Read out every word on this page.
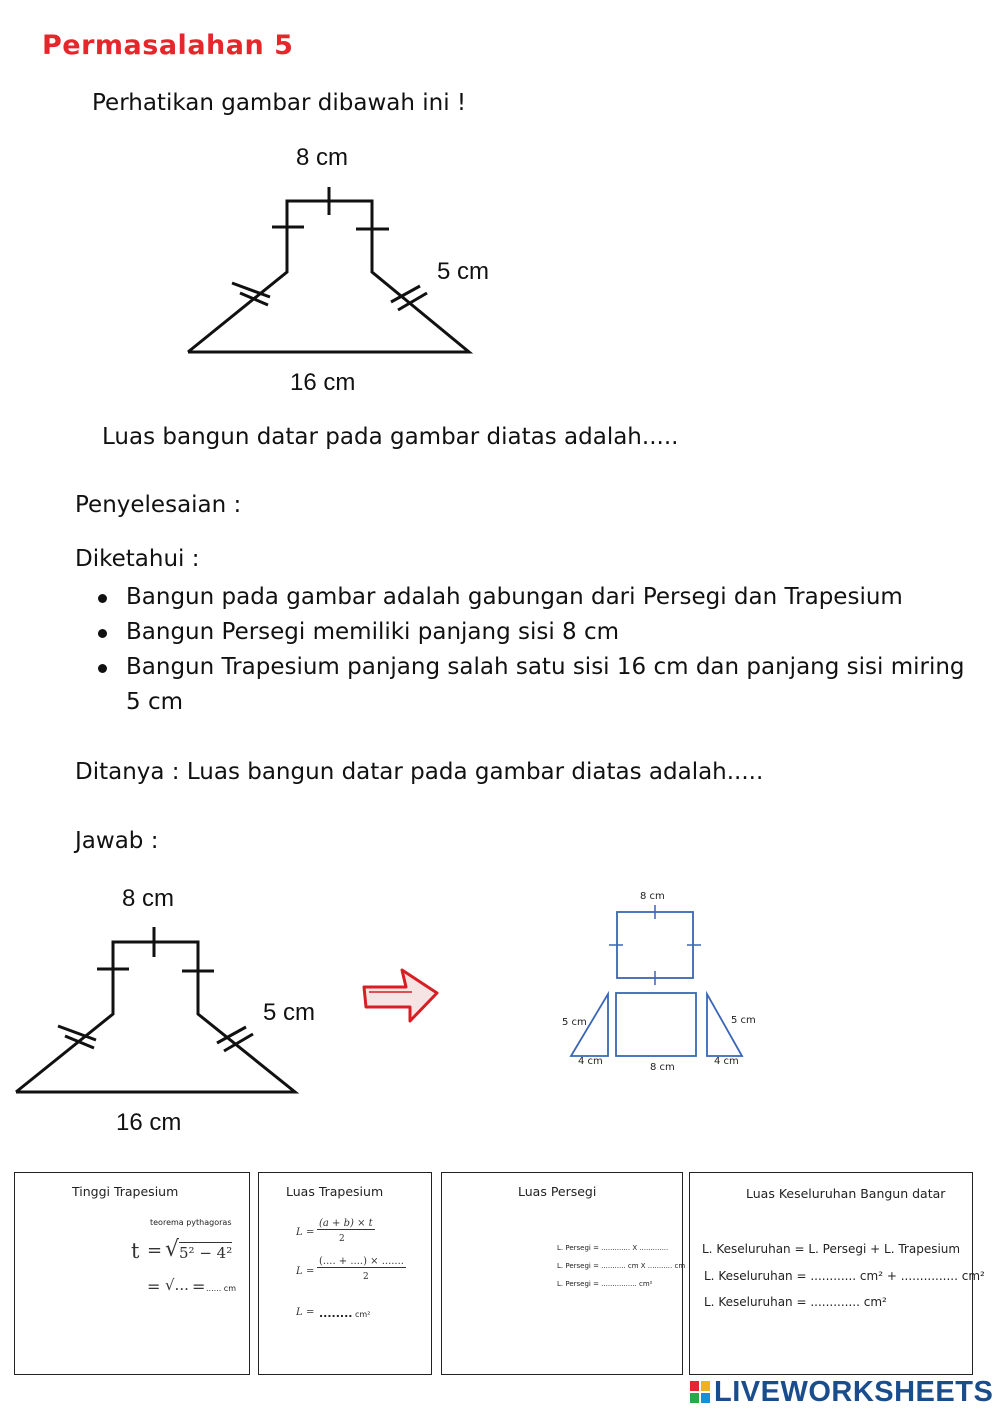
Permasalahan 5
Perhatikan gambar dibawah ini !
8 cm
5 cm
16 cm
Luas bangun datar pada gambar diatas adalah.....
Penyelesaian :
Diketahui :
Bangun pada gambar adalah gabungan dari Persegi dan Trapesium
Bangun Persegi memiliki panjang sisi 8 cm
Bangun Trapesium panjang salah satu sisi 16 cm dan panjang sisi miring 5 cm
Ditanya : Luas bangun datar pada gambar diatas adalah.....
Jawab :
8 cm
5 cm
16 cm
8 cm
5 cm
4 cm
8 cm
5 cm
4 cm
Tinggi Trapesium
teorema pythagoras
t = √ 5² − 4²
= √... = ...... cm
Luas Trapesium
L =
(a + b) × t
2
L =
(.... + ....) × .......
2
L = ........ cm²
Luas Persegi
L. Persegi = ............. X .............
L. Persegi = ........... cm X ........... cm
L. Persegi = ................ cm²
Luas Keseluruhan Bangun datar
L. Keseluruhan = L. Persegi + L. Trapesium
L. Keseluruhan = ............ cm² + ............... cm²
L. Keseluruhan = ............. cm²
LIVEWORKSHEETS
